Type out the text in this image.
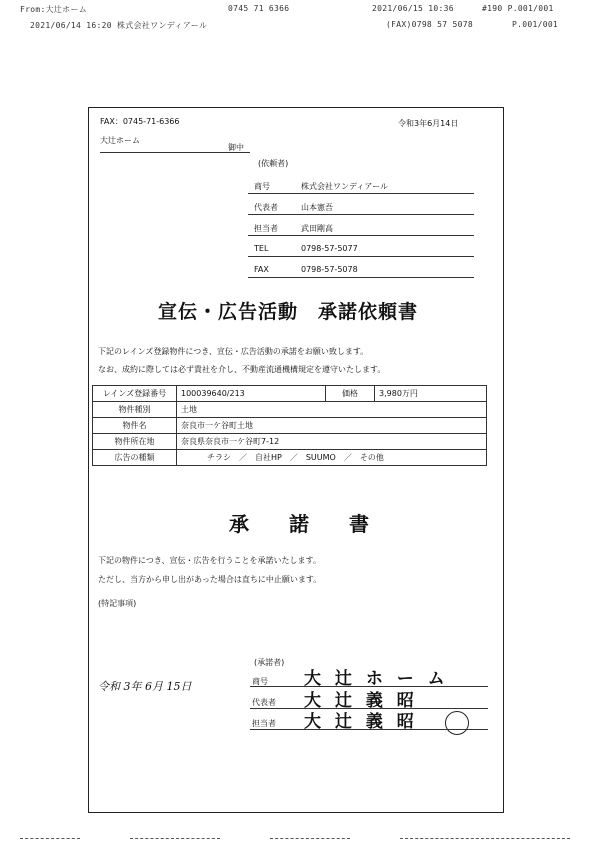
From:大辻ホーム	0745 71 6366	2021/06/15 10:36	#190 P.001/001
2021/06/14 16:20 株式会社ワンディアール	(FAX)0798 57 5078	P.001/001
FAX：0745-71-6366	令和3年6月14日
大辻ホーム
御中
(依頼者)
商号	株式会社ワンディアール
代表者	山本憲吾
担当者	武田剛高
TEL	0798-57-5077
FAX	0798-57-5078
宣伝・広告活動　承諾依頼書
下記のレインズ登録物件につき、宣伝・広告活動の承諾をお願い致します。
なお、成約に際しては必ず貴社を介し、不動産流通機構規定を遵守いたします。
レインズ登録番号	100039640/213	価格	3,980万円
物件種別	土地		
物件名	奈良市一ケ谷町土地		
物件所在地	奈良県奈良市一ケ谷町7-12		
広告の種類	チラシ　／　自社HP　／　SUUMO　／　その他		
承　　諾　　書
下記の物件につき、宣伝・広告を行うことを承諾いたします。
ただし、当方から申し出があった場合は直ちに中止願います。
(特記事項)
(承諾者)
令和 3年 6月 15日	商号 大 辻 ホ ー ム
代表者 大 辻 義 昭
担当者 大 辻 義 昭
